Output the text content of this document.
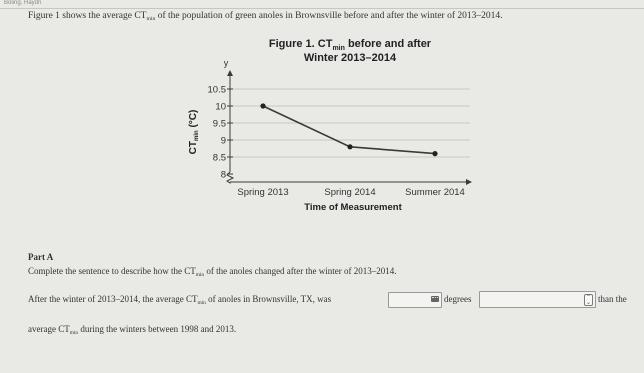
Boling, Haydn
Figure 1 shows the average $CT_{min}$ of the population of green anoles in Brownsville before and after the winter of 2013–2014.
Figure 1. $CT_{min}$ before and after
Winter 2013–2014
y
10.5
10
9.5
9
8.5
8
$CT_{min}$ (°C)
Spring 2013	Spring 2014	Summer 2014
Time of Measurement
Part A
Complete the sentence to describe how the $CT_{min}$ of the anoles changed after the winter of 2013–2014.
After the winter of 2013–2014, the average $CT_{min}$ of anoles in Brownsville, TX, was	degrees	⌃
⌄ than the
average $CT_{min}$ during the winters between 1998 and 2013.
